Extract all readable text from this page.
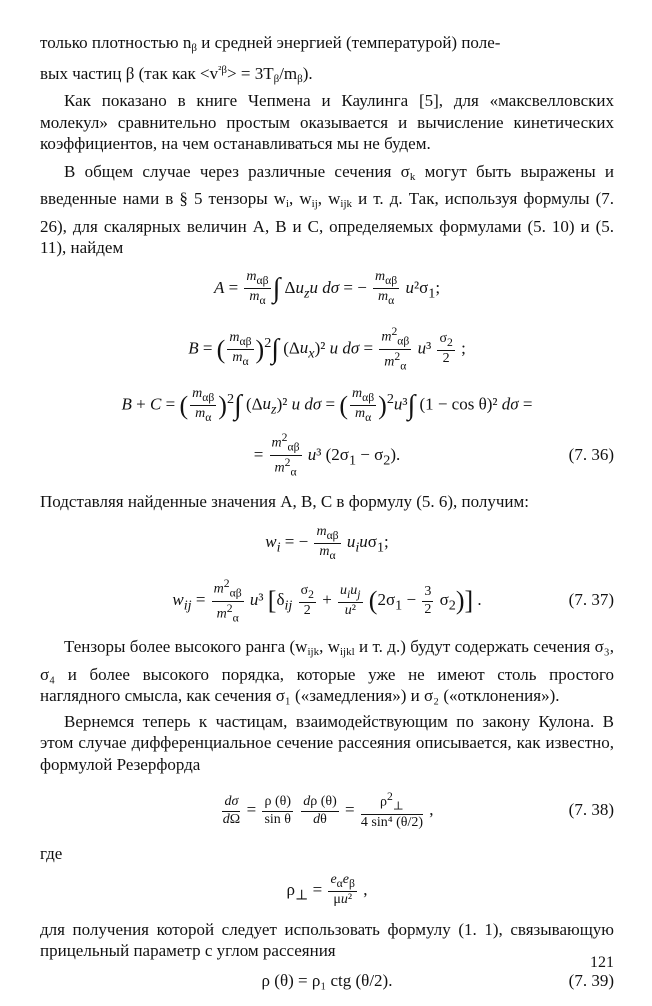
только плотностью $n_\beta$ и средней энергией (температурой) поле-
вых частиц β (так как $<v^{^2\beta}> = 3T_\beta/m_\beta$).

Как показано в книге Чепмена и Каулинга [5], для «максвелловских молекул» сравнительно простым оказывается и вычисление кинетических коэффициентов, на чем останавливаться мы не будем.

В общем случае через различные сечения $\sigma_k$ могут быть выражены и введенные нами в § 5 тензоры $w_i$, $w_{ij}$, $w_{ijk}$ и т. д. Так, используя формулы (7. 26), для скалярных величин A, B и C, определяемых формулами (5. 10) и (5. 11), найдем

$A = \frac{m_{\alpha\beta}}{m_\alpha}$ ∫ $\Delta u_zu$ dσ = − $\frac{m_{\alpha\beta}}{m_\alpha} u^2\sigma_1$;
B = ( $\frac{m_{\alpha\beta}}{m_\alpha} )^2\int$ $(\Delta u_x)^2$ u $d\sigma = \frac{m^2_{\alpha\beta}}{m^2_\alpha} u^3 \frac{\sigma_2}{2}$ ;
B + C = ( $\frac{m_{\alpha\beta}}{m_\alpha} )^2\int$ $(\Delta u_z)^2$ u dσ = ( $\frac{m_{\alpha\beta}}{m_\alpha} )^2u^3\int$ (1 − cos θ)² dσ =
= $\frac{m^2_{\alpha\beta}}{m^2_\alpha} u^3$ $(2\sigma_1 - \sigma_2)$.	(7. 36)

Подставляя найденные значения A, B, C в формулу (5. 6), получим:

$w_i$ = − $\frac{m_{\alpha\beta}}{m_\alpha} u_iu\sigma_1$;
$w_{ij} = \frac{m^2_{\alpha\beta}}{m^2_\alpha} u^3$ $[\delta_{ij} \frac{\sigma_2}{2} + \frac{u_iu_j}{\text{u²}} (2\sigma_1 - \frac{3}{2} \sigma_2)]$ .	(7. 37)

Тензоры более высокого ранга ($w_{ijk}$, $w_{ijkl}$ и т. д.) будут содержать сечения σ₃, σ₄ и более высокого порядка, которые уже не имеют столь простого наглядного смысла, как сечения σ₁ («замедления») и σ₂ («отклонения»).

Вернемся теперь к частицам, взаимодействующим по закону Кулона. В этом случае дифференциальное сечение рассеяния описывается, как известно, формулой Резерфорда

$\frac{d\sigma}{d\Omega} = \frac{\rho (\theta)}{\text{sin θ}}$
$\frac{d\rho (\theta)}{d\theta} = \frac{\rho^2_\perp}{\text{4 sin⁴ (θ/2)}}$ ,	(7. 38)

где

$\rho_\perp = \frac{e_\alpha e_\beta}{\text{μu²}}$ ,

для получения которой следует использовать формулу (1. 1), связывающую прицельный параметр с углом рассеяния

ρ (θ) = ρ₁ ctg (θ/2).	(7. 39)
121
